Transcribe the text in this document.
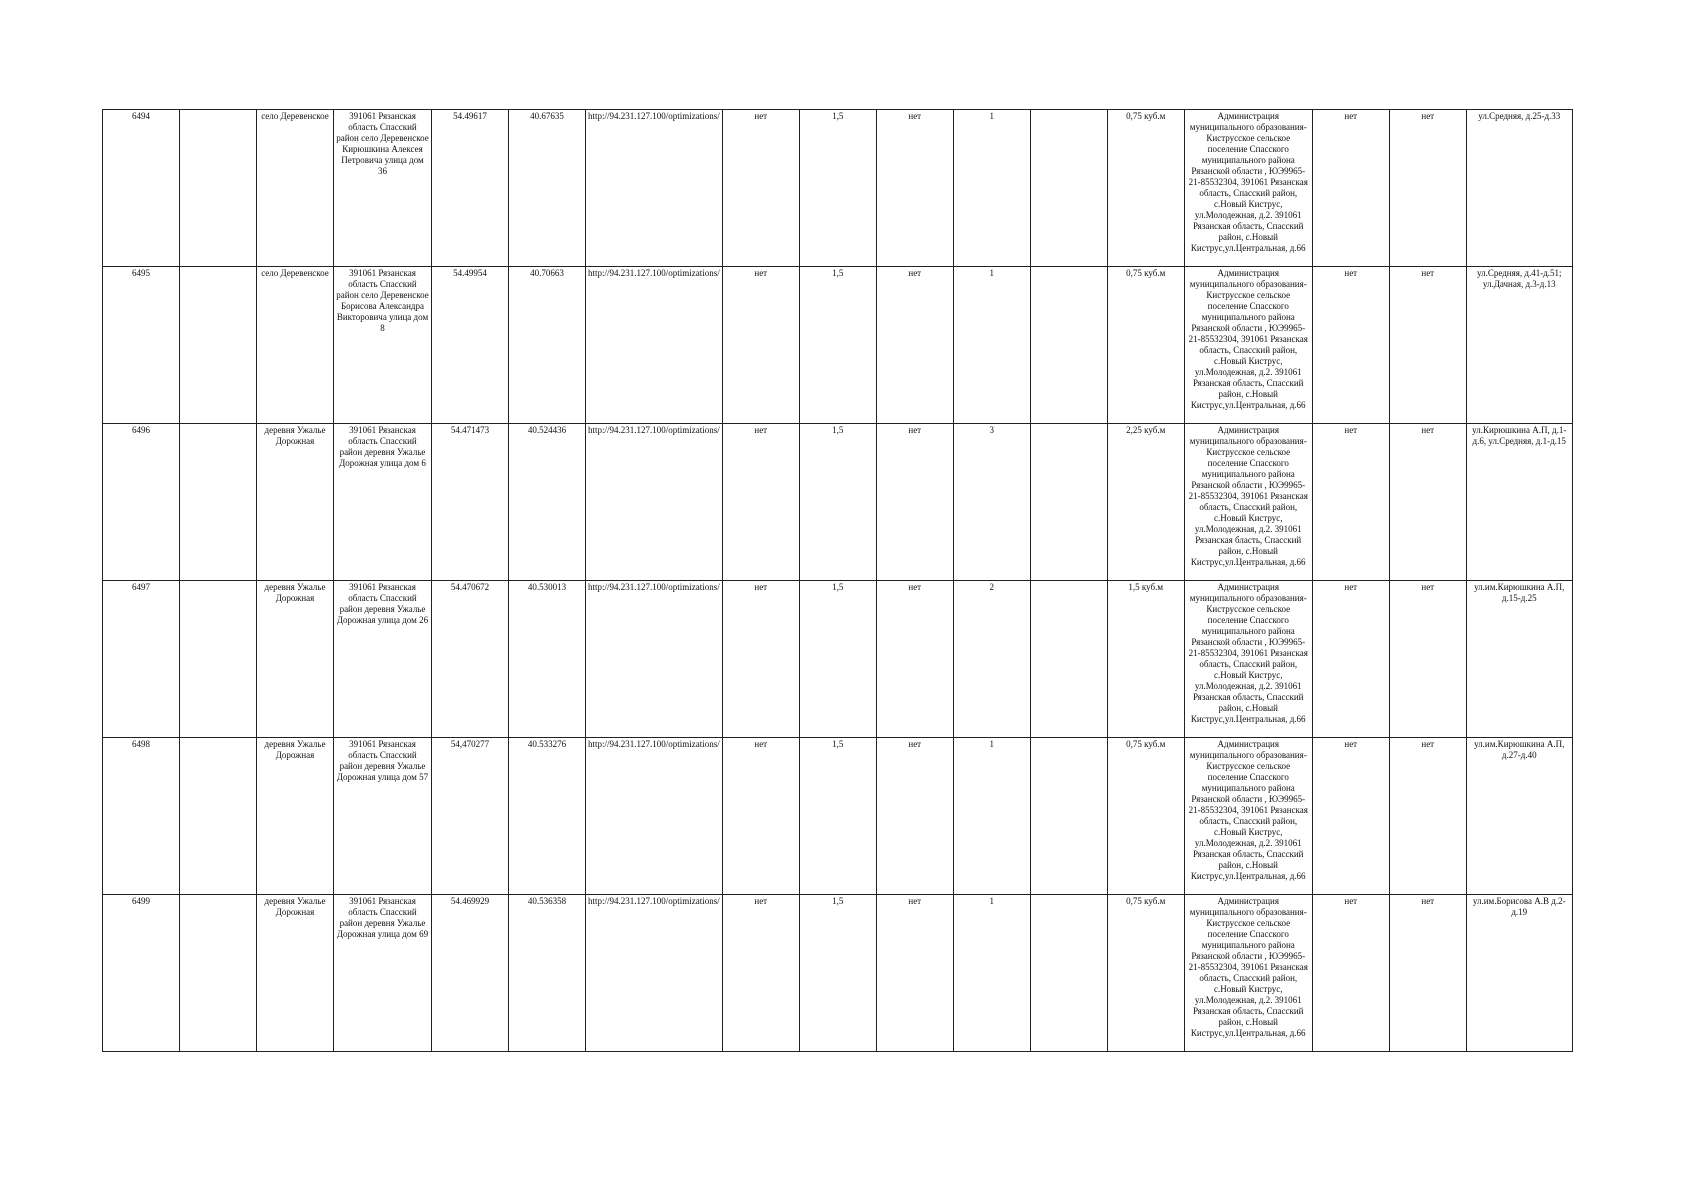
6494		село Деревенское	391061 Рязанская область Спасский район село Деревенское Кирюшкина Алексея Петровича улица дом 36	54.49617	40.67635	http://94.231.127.100/optimizations/	нет	1,5	нет	1		0,75 куб.м	Администрация муниципального образования-Киструсское сельское поселение Спасского муниципального района Рязанской области , ЮЭ9965-21-85532304, 391061 Рязанская область, Спасский район, с.Новый Киструс, ул.Молодежная, д.2. 391061 Рязанская область, Спасский район, с.Новый Киструс,ул.Центральная, д.66	нет	нет	ул.Средняя, д.25-д.33
6495		село Деревенское	391061 Рязанская область Спасский район село Деревенское Борисова Александра Викторовича улица дом 8	54.49954	40.70663	http://94.231.127.100/optimizations/	нет	1,5	нет	1		0,75 куб.м	Администрация муниципального образования-Киструсское сельское поселение Спасского муниципального района Рязанской области , ЮЭ9965-21-85532304, 391061 Рязанская область, Спасский район, с.Новый Киструс, ул.Молодежная, д.2. 391061 Рязанская область, Спасский район, с.Новый Киструс,ул.Центральная, д.66	нет	нет	ул.Средняя, д.41-д.51; ул.Дачная, д.3-д.13
6496		деревня Ужалье Дорожная	391061 Рязанская область Спасский район деревня Ужалье Дорожная улица дом 6	54.471473	40.524436	http://94.231.127.100/optimizations/	нет	1,5	нет	3		2,25 куб.м	Администрация муниципального образования-Киструсское сельское поселение Спасского муниципального района Рязанской области , ЮЭ9965-21-85532304, 391061 Рязанская область, Спасский район, с.Новый Киструс, ул.Молодежная, д.2. 391061 Рязанская бласть, Спасский район, с.Новый Киструс,ул.Центральная, д.66	нет	нет	ул.Кирюшкина А.П, д.1-д.6, ул.Средняя, д.1-д.15
6497		деревня Ужалье Дорожная	391061 Рязанская область Спасский район деревня Ужалье Дорожная улица дом 26	54.470672	40.530013	http://94.231.127.100/optimizations/	нет	1,5	нет	2		1,5 куб.м	Администрация муниципального образования-Киструсское сельское поселение Спасского муниципального района Рязанской области , ЮЭ9965-21-85532304, 391061 Рязанская область, Спасский район, с.Новый Киструс, ул.Молодежная, д.2. 391061 Рязанская область, Спасский район, с.Новый Киструс,ул.Центральная, д.66	нет	нет	ул.им.Кирюшкина А.П, д.15-д.25
6498		деревня Ужалье Дорожная	391061 Рязанская область Спасский район деревня Ужалье Дорожная улица дом 57	54,470277	40.533276	http://94.231.127.100/optimizations/	нет	1,5	нет	1		0,75 куб.м	Администрация муниципального образования-Киструсское сельское поселение Спасского муниципального района Рязанской области , ЮЭ9965-21-85532304, 391061 Рязанская область, Спасский район, с.Новый Киструс, ул.Молодежная, д.2. 391061 Рязанская область, Спасский район, с.Новый Киструс,ул.Центральная, д.66	нет	нет	ул.им.Кирюшкина А.П, д.27-д.40
6499		деревня Ужалье Дорожная	391061 Рязанская область Спасский район деревня Ужалье Дорожная улица дом 69	54.469929	40.536358	http://94.231.127.100/optimizations/	нет	1,5	нет	1		0,75 куб.м	Администрация муниципального образования-Киструсское сельское поселение Спасского муниципального района Рязанской области , ЮЭ9965-21-85532304, 391061 Рязанская область, Спасский район, с.Новый Киструс, ул.Молодежная, д.2. 391061 Рязанская область, Спасский район, с.Новый Киструс,ул.Центральная, д.66	нет	нет	ул.им.Борисова А.В д.2-д.19
